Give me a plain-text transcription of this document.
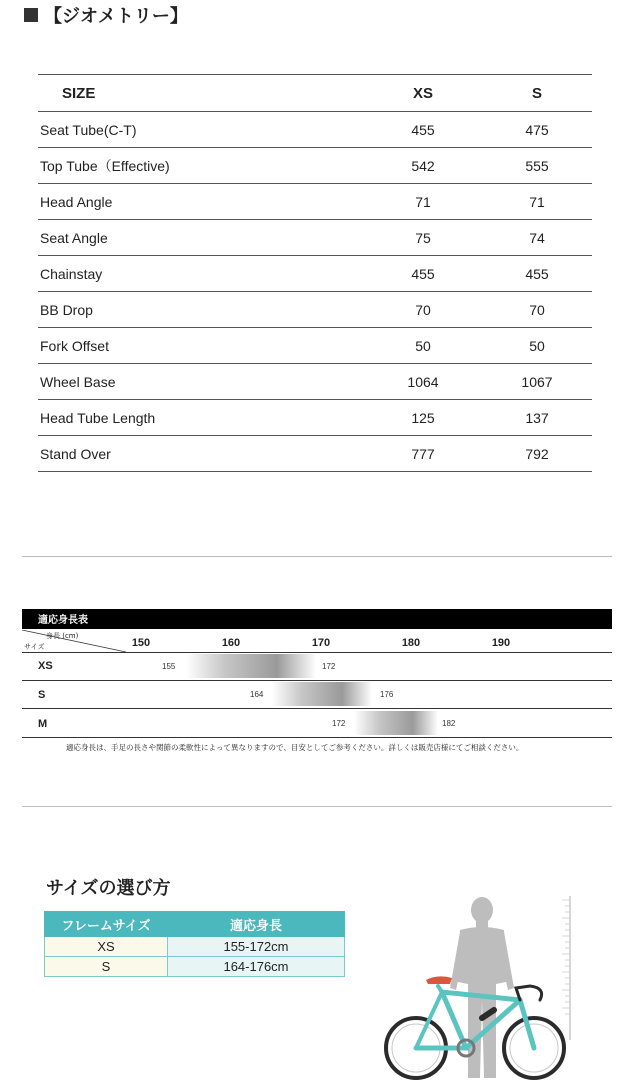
【ジオメトリー】
SIZE	XS	S
Seat Tube(C-T)	455	475
Top Tube（Effective)	542	555
Head Angle	71	71
Seat Angle	75	74
Chainstay	455	455
BB Drop	70	70
Fork Offset	50	50
Wheel Base	1064	1067
Head Tube Length	125	137
Stand Over	777	792
適応身長表
身長 (cm)
サイズ	150	160	170	180	190
XS	155	172
S	164	176
M	172	182
適応身長は、手足の長さや関節の柔軟性によって異なりますので、目安としてご参考ください。詳しくは販売店様にてご相談ください。
サイズの選び方
フレームサイズ	適応身長
XS	155-172cm
S	164-176cm
